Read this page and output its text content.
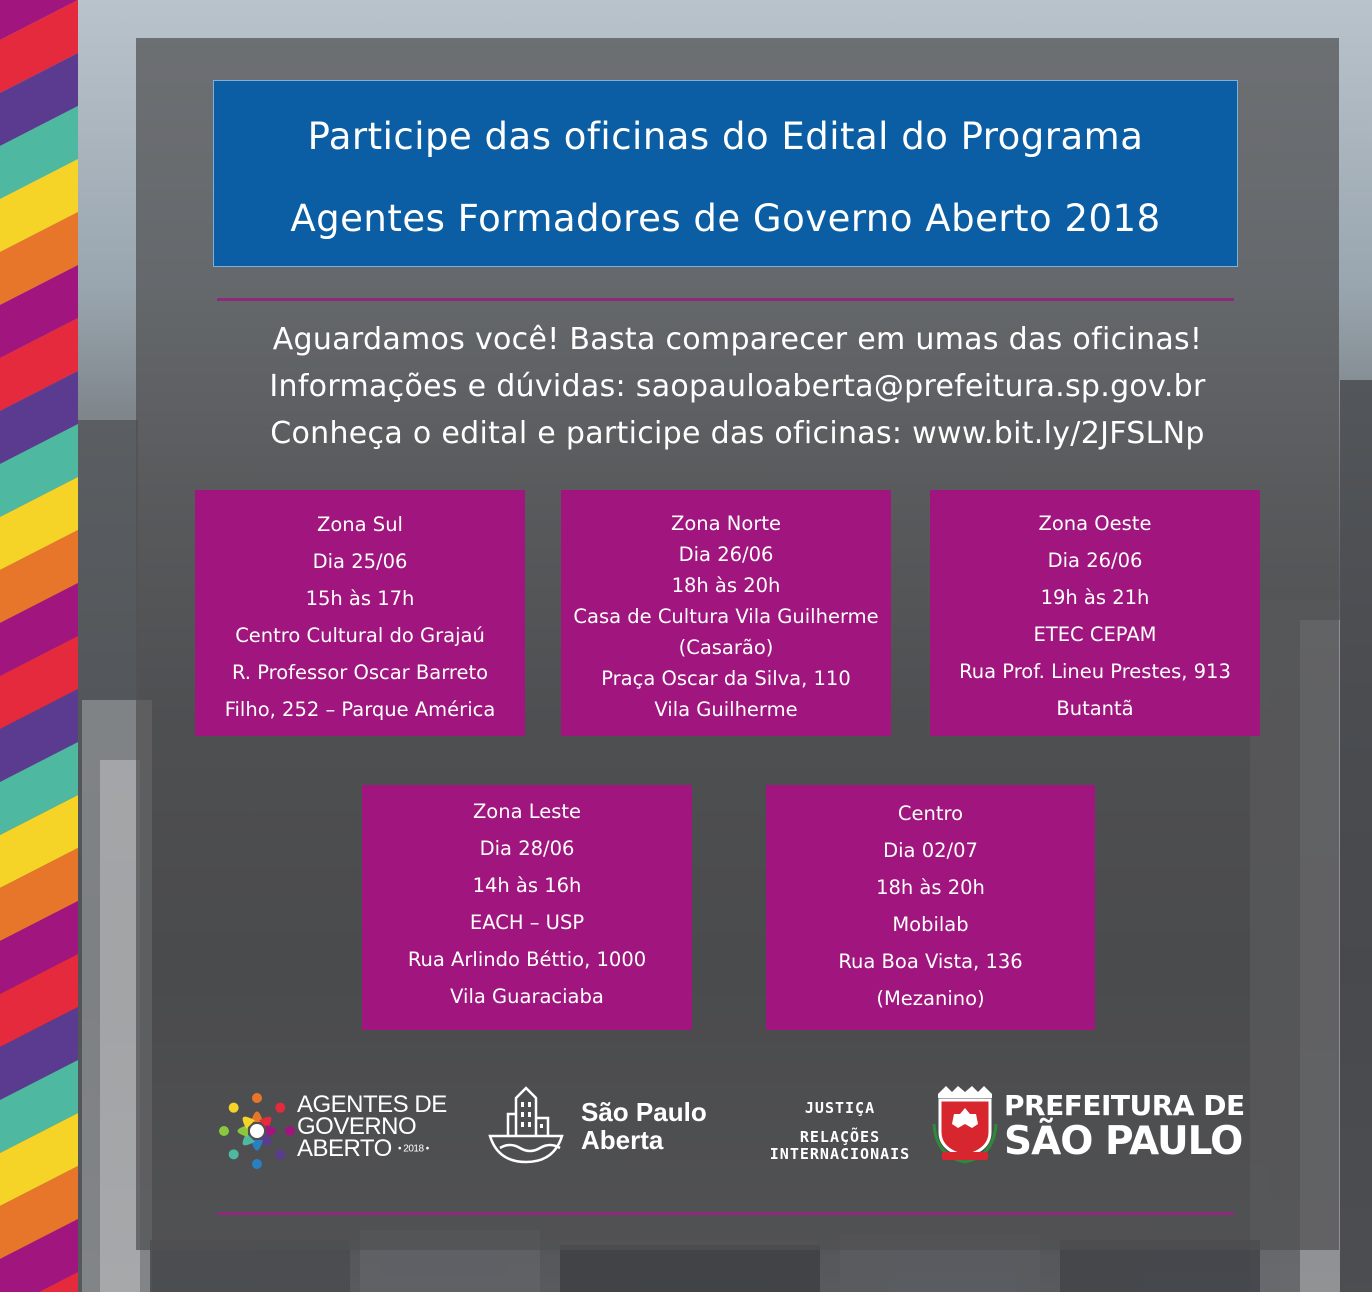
Participe das oficinas do Edital do Programa
Agentes Formadores de Governo Aberto 2018
Aguardamos você! Basta comparecer em umas das oficinas!
Informações e dúvidas: saopauloaberta@prefeitura.sp.gov.br
Conheça o edital e participe das oficinas: www.bit.ly/2JFSLNp
Zona Sul
Dia 25/06
15h às 17h
Centro Cultural do Grajaú
R. Professor Oscar Barreto
Filho, 252 – Parque América
Zona Norte
Dia 26/06
18h às 20h
Casa de Cultura Vila Guilherme
(Casarão)
Praça Oscar da Silva, 110
Vila Guilherme
Zona Oeste
Dia 26/06
19h às 21h
ETEC CEPAM
Rua Prof. Lineu Prestes, 913
Butantã
Zona Leste
Dia 28/06
14h às 16h
EACH – USP
Rua Arlindo Béttio, 1000
Vila Guaraciaba
Centro
Dia 02/07
18h às 20h
Mobilab
Rua Boa Vista, 136
(Mezanino)
AGENTES DE
GOVERNO
ABERTO • 2018 •
São Paulo
Aberta
JUSTIÇA
RELAÇÕES
INTERNACIONAIS
PREFEITURA DE
SÃO PAULO
